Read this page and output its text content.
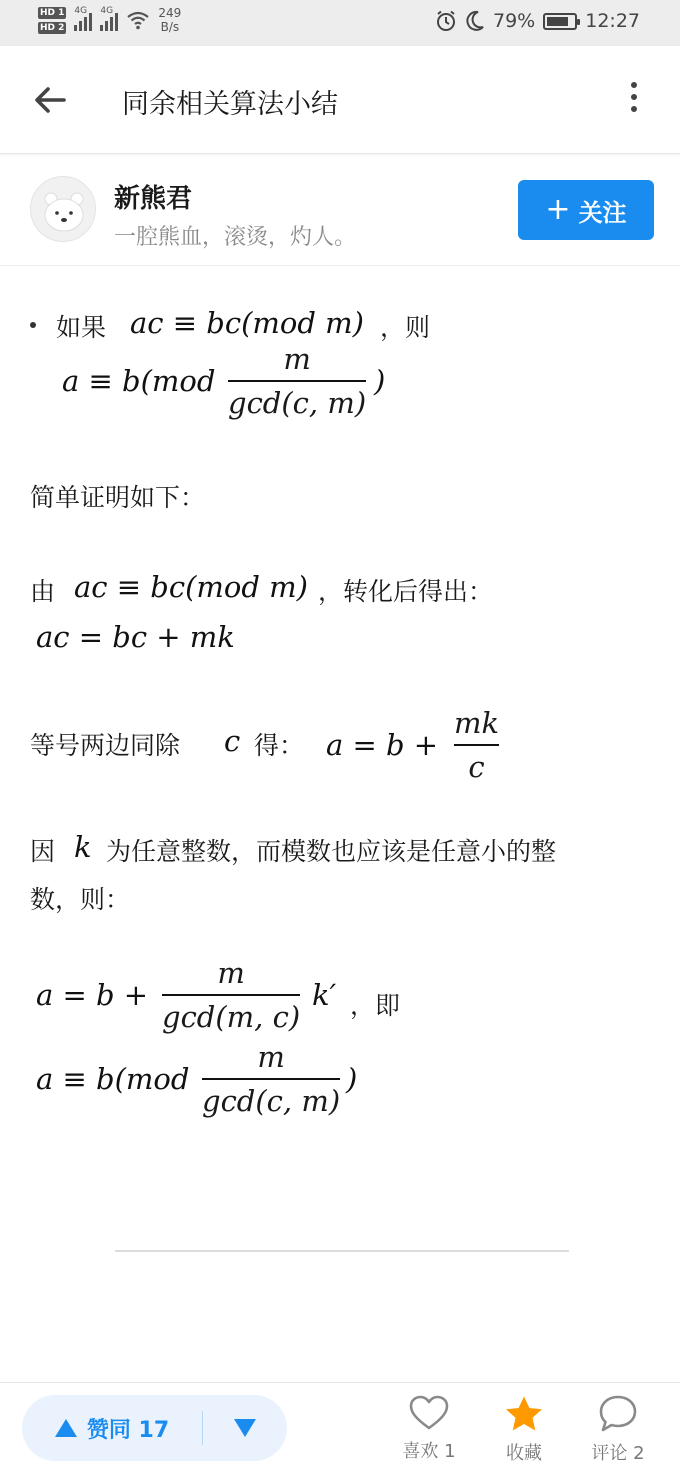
HD 1
HD 2
4G 4G	249
B/s	79%	12:27
同余相关算法小结
新熊君
一腔熊血，滚烫，灼人。
+ 关注
如果 ac ≡ bc(mod m) ，则
a ≡ b(mod
m
gcd(c, m)
)
简单证明如下：
由 ac ≡ bc(mod m) ，转化后得出：
ac = bc + mk
等号两边同除 c 得： a = b +
mk
c
因 k 为任意整数，而模数也应该是任意小的整
数，则：
a = b +
m
gcd(m, c)
k′ ，即
a ≡ b(mod
m
gcd(c, m)
)
赞同 17
喜欢 1	收藏	评论 2
